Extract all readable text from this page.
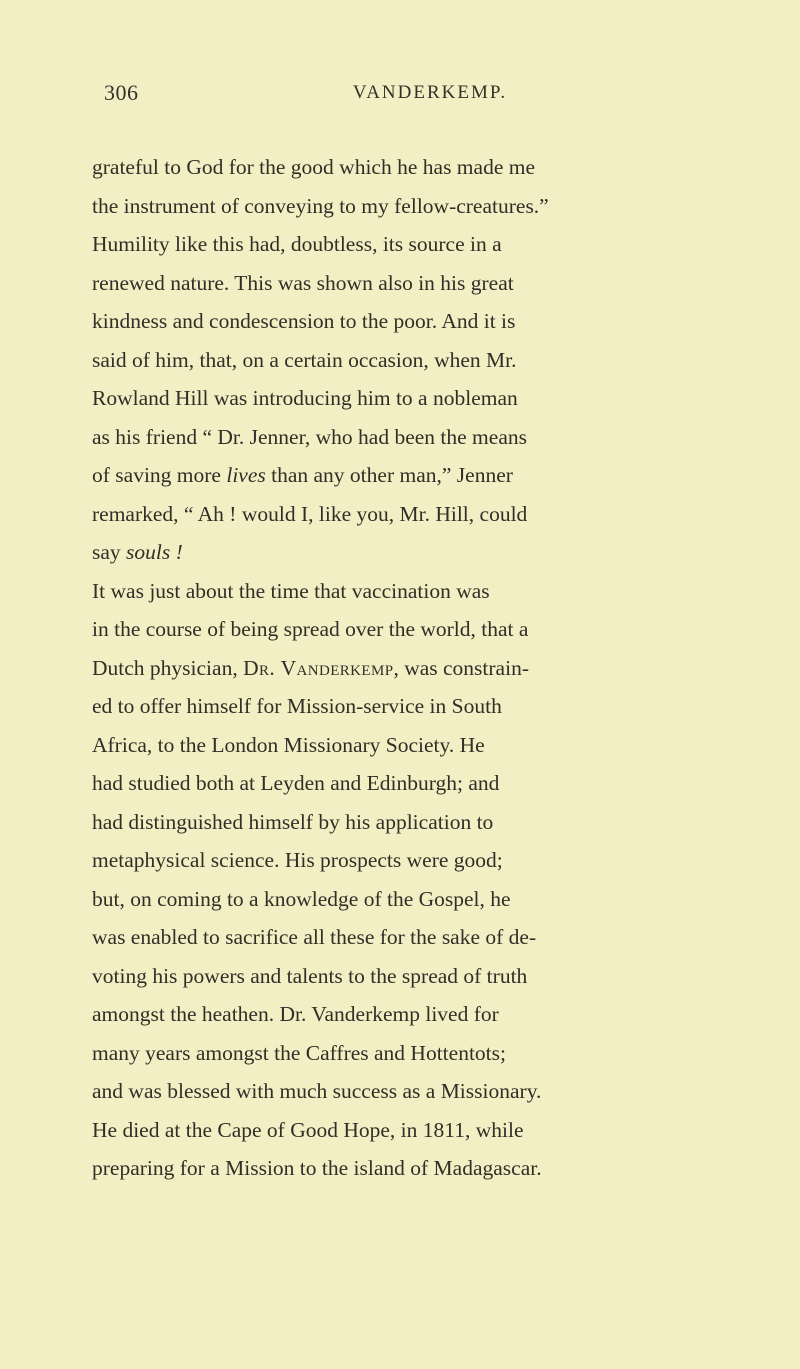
306	VANDERKEMP.

grateful to God for the good which he has made me
the instrument of conveying to my fellow-creatures.”

Humility like this had, doubtless, its source in a
renewed nature. This was shown also in his great
kindness and condescension to the poor. And it is
said of him, that, on a certain occasion, when Mr.
Rowland Hill was introducing him to a nobleman
as his friend “ Dr. Jenner, who had been the means
of saving more lives than any other man,” Jenner
remarked, “ Ah ! would I, like you, Mr. Hill, could
say souls !

It was just about the time that vaccination was
in the course of being spread over the world, that a
Dutch physician, Dr. Vanderkemp, was constrain-
ed to offer himself for Mission-service in South
Africa, to the London Missionary Society. He
had studied both at Leyden and Edinburgh; and
had distinguished himself by his application to
metaphysical science. His prospects were good;
but, on coming to a knowledge of the Gospel, he
was enabled to sacrifice all these for the sake of de-
voting his powers and talents to the spread of truth
amongst the heathen. Dr. Vanderkemp lived for
many years amongst the Caffres and Hottentots;
and was blessed with much success as a Missionary.
He died at the Cape of Good Hope, in 1811, while
preparing for a Mission to the island of Madagascar.
